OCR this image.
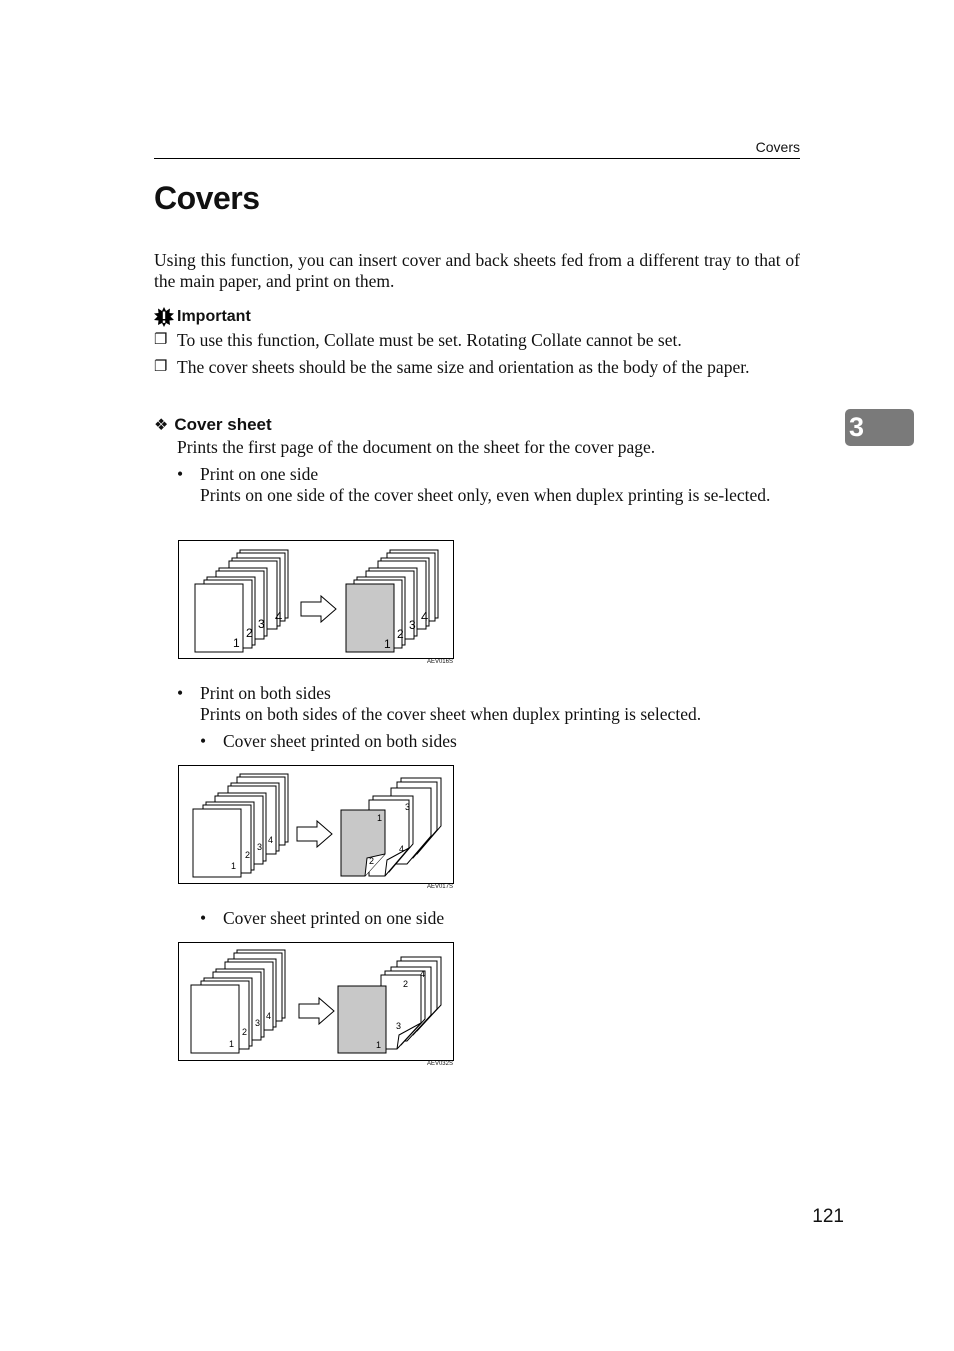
Covers
Covers
Using this function, you can insert cover and back sheets fed from a different tray to that of the main paper, and print on them.
Important
❐ To use this function, Collate must be set. Rotating Collate cannot be set.
❐ The cover sheets should be the same size and orientation as the body of the paper.
❖ Cover sheet
Prints the first page of the document on the sheet for the cover page.
• Print on one side
Prints on one side of the cover sheet only, even when duplex printing is se-lected.
4
3
2
1
4
3
2
1
AEV016S
• Print on both sides
Prints on both sides of the cover sheet when duplex printing is selected.
• Cover sheet printed on both sides
4
3
2
1
3
1
4
2
AEV017S
• Cover sheet printed on one side
4
3
2
1
4
2
3
1
AEV032S
3
121
